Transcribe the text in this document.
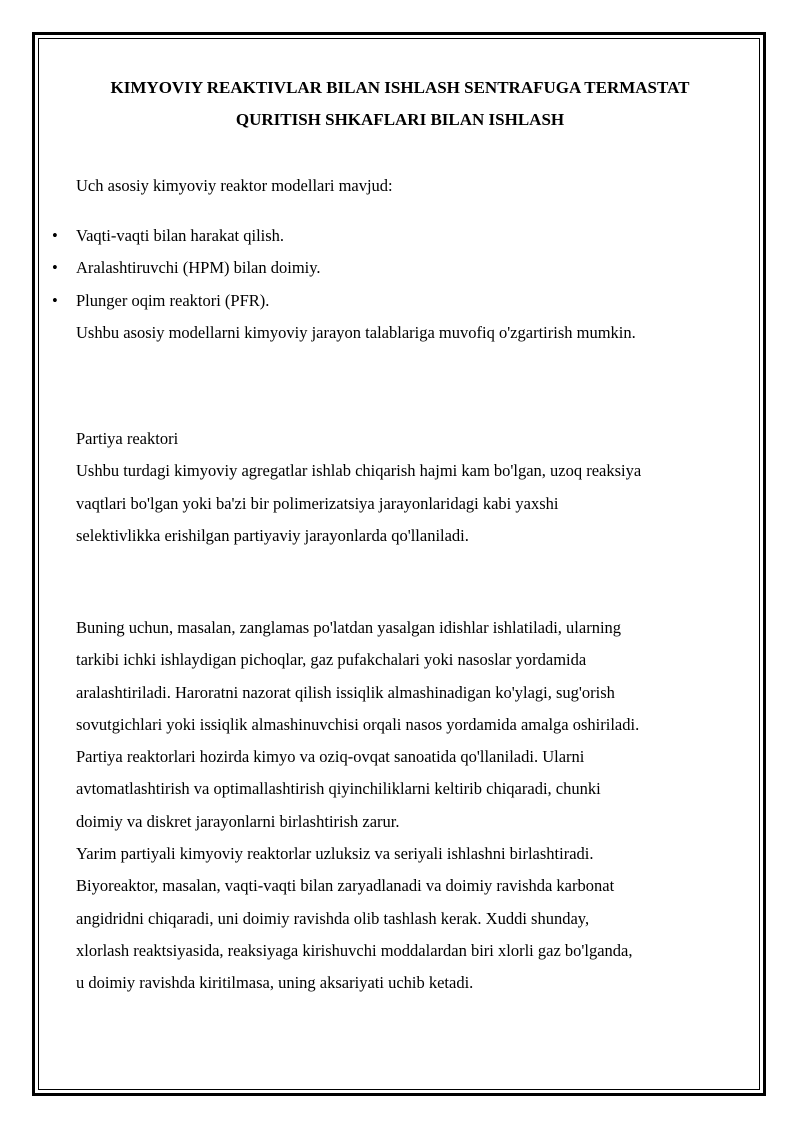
KIMYOVIY REAKTIVLAR BILAN ISHLASH SENTRAFUGA TERMASTAT
QURITISH SHKAFLARI BILAN ISHLASH

Uch asosiy kimyoviy reaktor modellari mavjud:

• Vaqti-vaqti bilan harakat qilish.
• Aralashtiruvchi (HPM) bilan doimiy.
• Plunger oqim reaktori (PFR).

Ushbu asosiy modellarni kimyoviy jarayon talablariga muvofiq o'zgartirish mumkin.

Partiya reaktori
Ushbu turdagi kimyoviy agregatlar ishlab chiqarish hajmi kam bo'lgan, uzoq reaksiya
vaqtlari bo'lgan yoki ba'zi bir polimerizatsiya jarayonlaridagi kabi yaxshi
selektivlikka erishilgan partiyaviy jarayonlarda qo'llaniladi.
Buning uchun, masalan, zanglamas po'latdan yasalgan idishlar ishlatiladi, ularning
tarkibi ichki ishlaydigan pichoqlar, gaz pufakchalari yoki nasoslar yordamida
aralashtiriladi. Haroratni nazorat qilish issiqlik almashinadigan ko'ylagi, sug'orish
sovutgichlari yoki issiqlik almashinuvchisi orqali nasos yordamida amalga oshiriladi.
Partiya reaktorlari hozirda kimyo va oziq-ovqat sanoatida qo'llaniladi. Ularni
avtomatlashtirish va optimallashtirish qiyinchiliklarni keltirib chiqaradi, chunki
doimiy va diskret jarayonlarni birlashtirish zarur.
Yarim partiyali kimyoviy reaktorlar uzluksiz va seriyali ishlashni birlashtiradi.
Biyoreaktor, masalan, vaqti-vaqti bilan zaryadlanadi va doimiy ravishda karbonat
angidridni chiqaradi, uni doimiy ravishda olib tashlash kerak. Xuddi shunday,
xlorlash reaktsiyasida, reaksiyaga kirishuvchi moddalardan biri xlorli gaz bo'lganda,
u doimiy ravishda kiritilmasa, uning aksariyati uchib ketadi.
